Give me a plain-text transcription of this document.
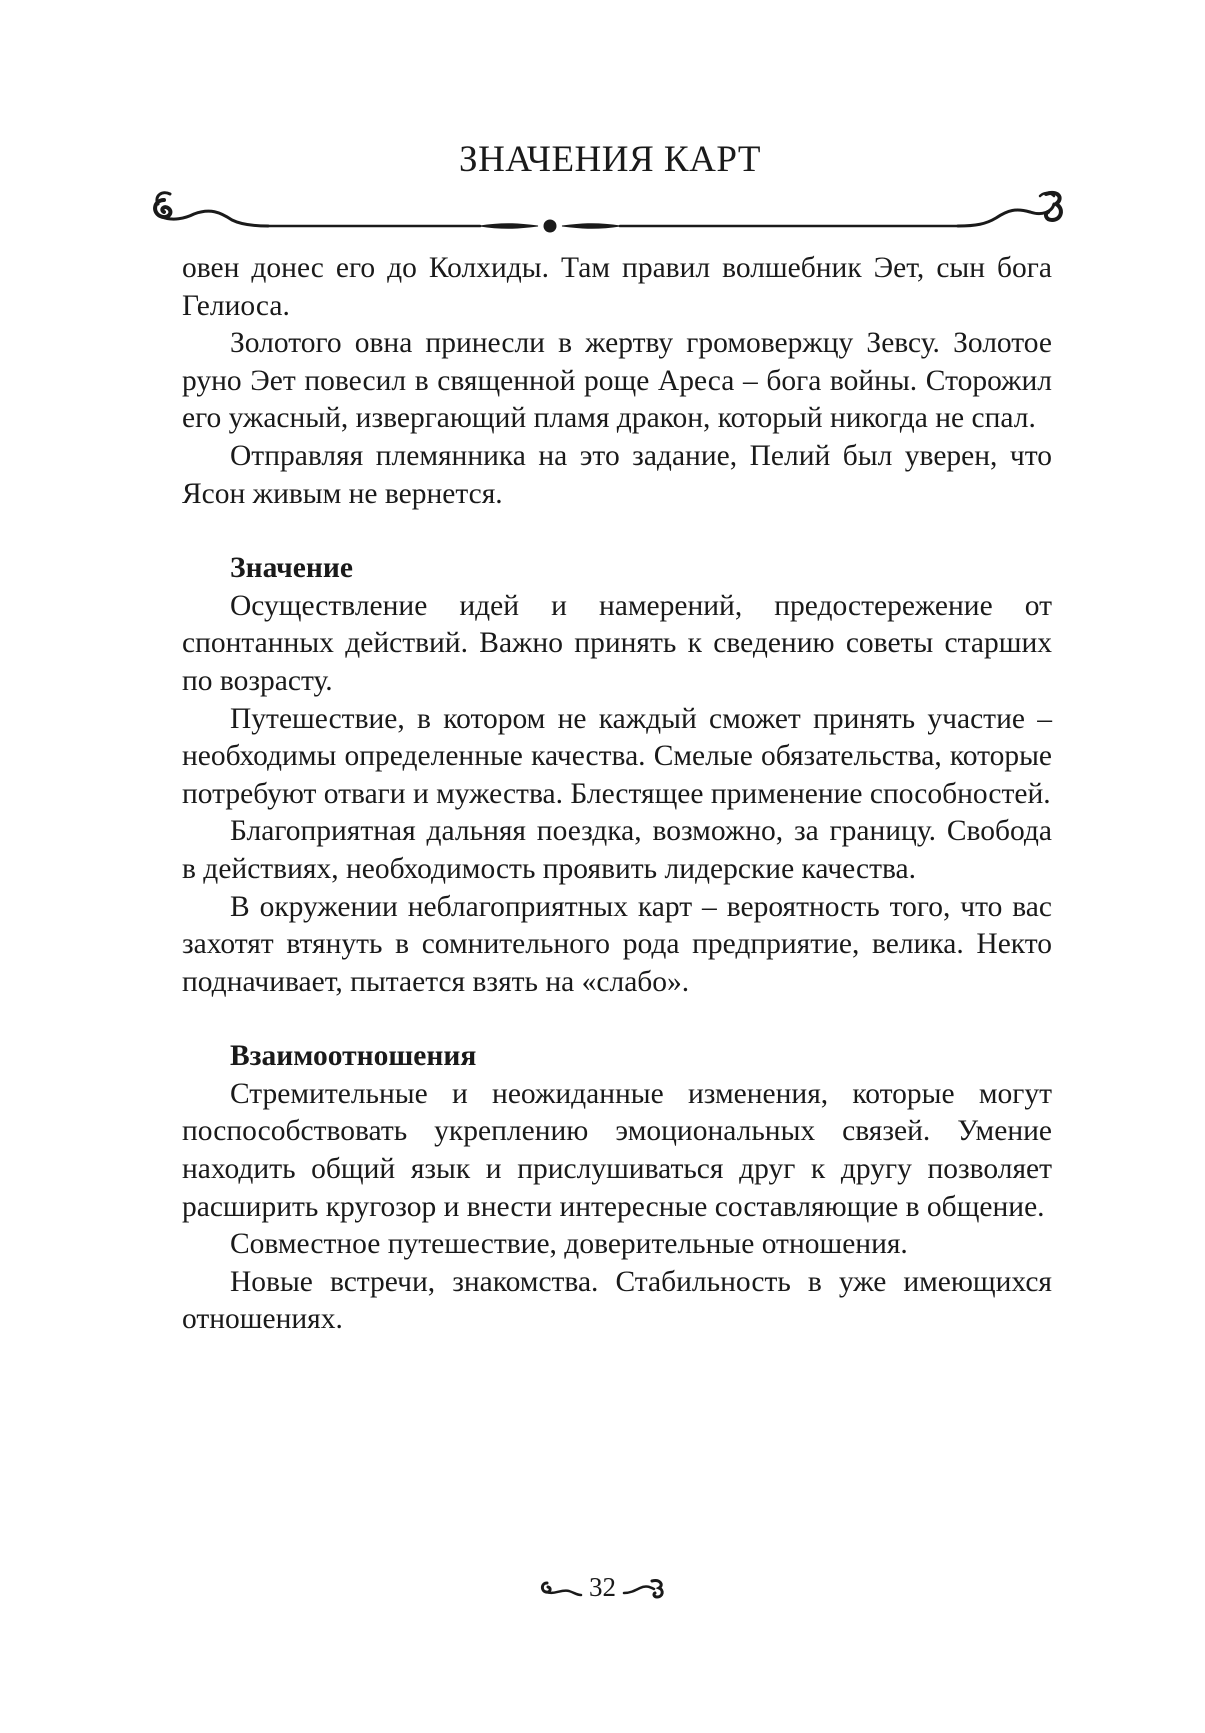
ЗНАЧЕНИЯ КАРТ

овен донес его до Колхиды. Там правил волшебник Эет, сын бога Гелиоса.

Золотого овна принесли в жертву громовержцу Зевсу. Золотое руно Эет повесил в священной роще Ареса – бога войны. Сторожил его ужасный, извергающий пламя дракон, который никогда не спал.

Отправляя племянника на это задание, Пелий был уверен, что Ясон живым не вернется.

Значение

Осуществление идей и намерений, предостережение от спонтанных действий. Важно принять к сведению советы старших по возрасту.

Путешествие, в котором не каждый сможет принять участие – необходимы определенные качества. Смелые обязательства, которые потребуют отваги и мужества. Блестящее применение способностей.

Благоприятная дальняя поездка, возможно, за границу. Свобода в действиях, необходимость проявить лидерские качества.

В окружении неблагоприятных карт – вероятность того, что вас захотят втянуть в сомнительного рода предприятие, велика. Некто подначивает, пытается взять на «слабо».

Взаимоотношения

Стремительные и неожиданные изменения, которые могут поспособствовать укреплению эмоциональных связей. Умение находить общий язык и прислушиваться друг к другу позволяет расширить кругозор и внести интересные составляющие в общение.

Совместное путешествие, доверительные отношения.

Новые встречи, знакомства. Стабильность в уже имеющихся отношениях.

32
